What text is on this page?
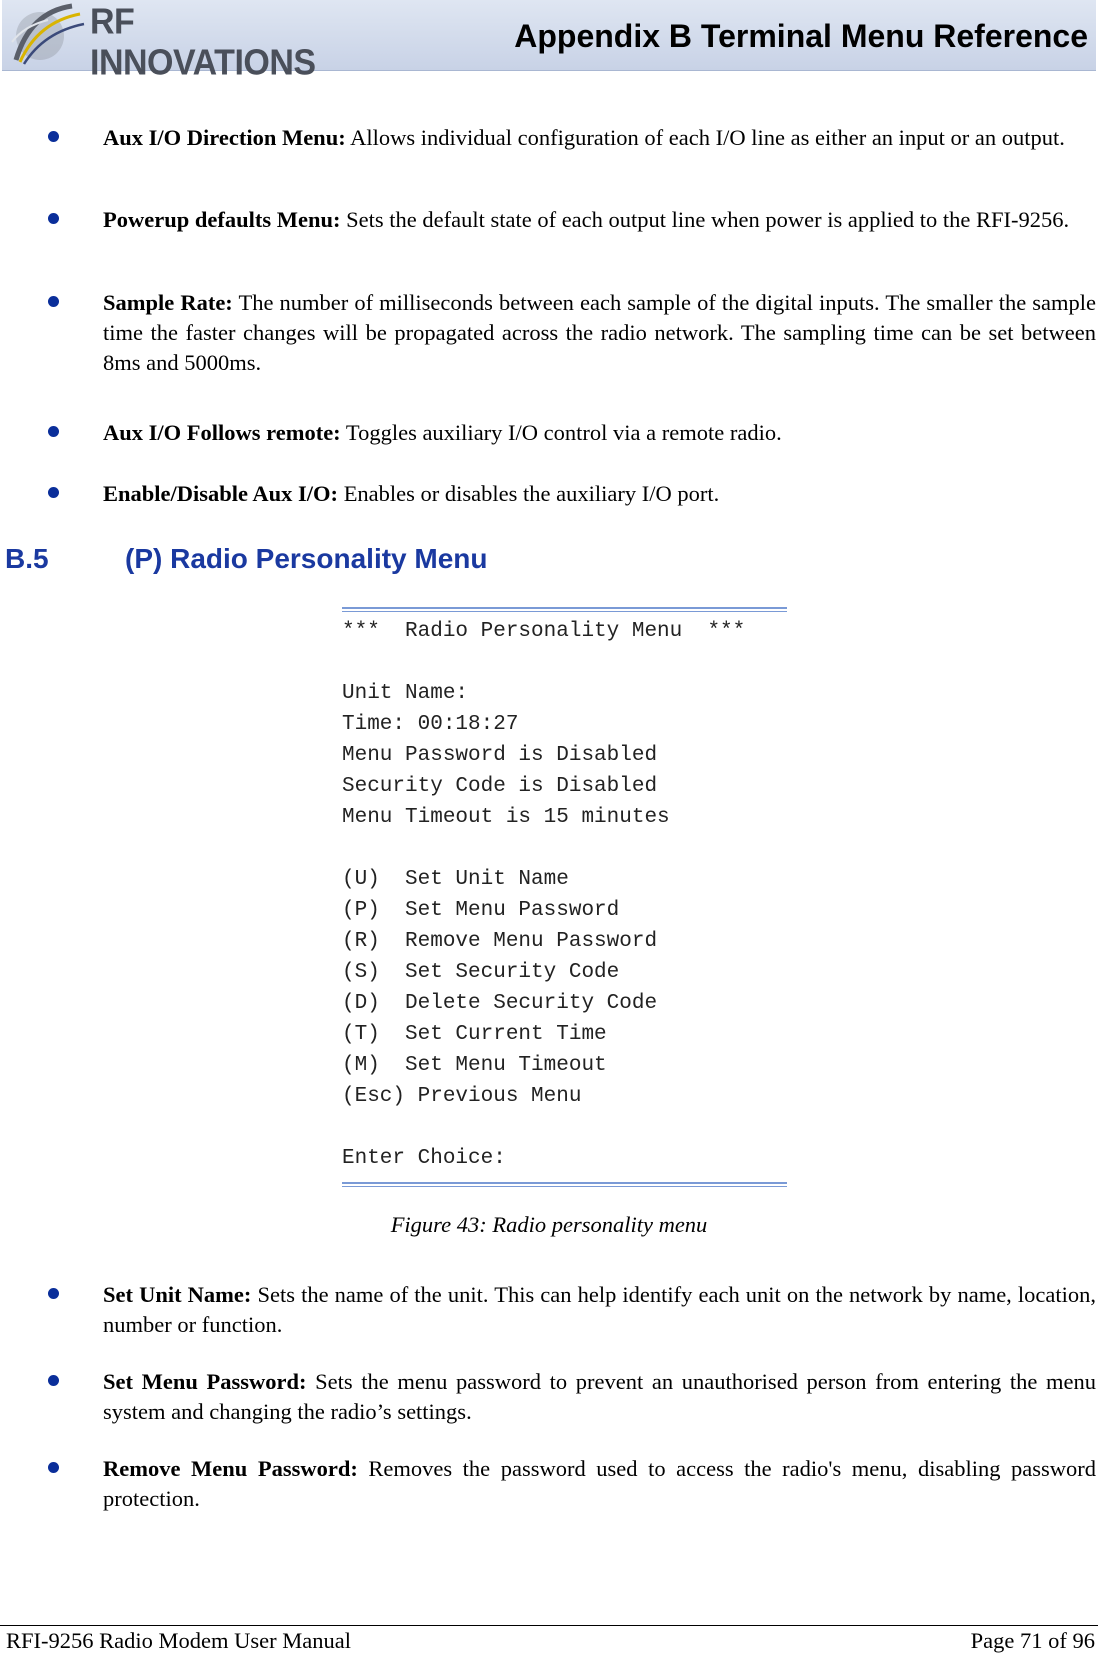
RF INNOVATIONS
Appendix B Terminal Menu Reference
Aux I/O Direction Menu: Allows individual configuration of each I/O line as either an input or an output.
Powerup defaults Menu: Sets the default state of each output line when power is applied to the RFI-9256.
Sample Rate: The number of milliseconds between each sample of the digital inputs. The smaller the sample time the faster changes will be propagated across the radio network. The sampling time can be set between 8ms and 5000ms.
Aux I/O Follows remote: Toggles auxiliary I/O control via a remote radio.
Enable/Disable Aux I/O: Enables or disables the auxiliary I/O port.
B.5	(P) Radio Personality Menu
***  Radio Personality Menu  ***
Unit Name:
Time: 00:18:27
Menu Password is Disabled
Security Code is Disabled
Menu Timeout is 15 minutes
(U)  Set Unit Name
(P)  Set Menu Password
(R)  Remove Menu Password
(S)  Set Security Code
(D)  Delete Security Code
(T)  Set Current Time
(M)  Set Menu Timeout
(Esc) Previous Menu
Enter Choice:
Figure 43: Radio personality menu
Set Unit Name: Sets the name of the unit. This can help identify each unit on the network by name, location, number or function.
Set Menu Password: Sets the menu password to prevent an unauthorised person from entering the menu system and changing the radio’s settings.
Remove Menu Password: Removes the password used to access the radio's menu, disabling password protection.
RFI-9256 Radio Modem User Manual	Page 71 of 96
